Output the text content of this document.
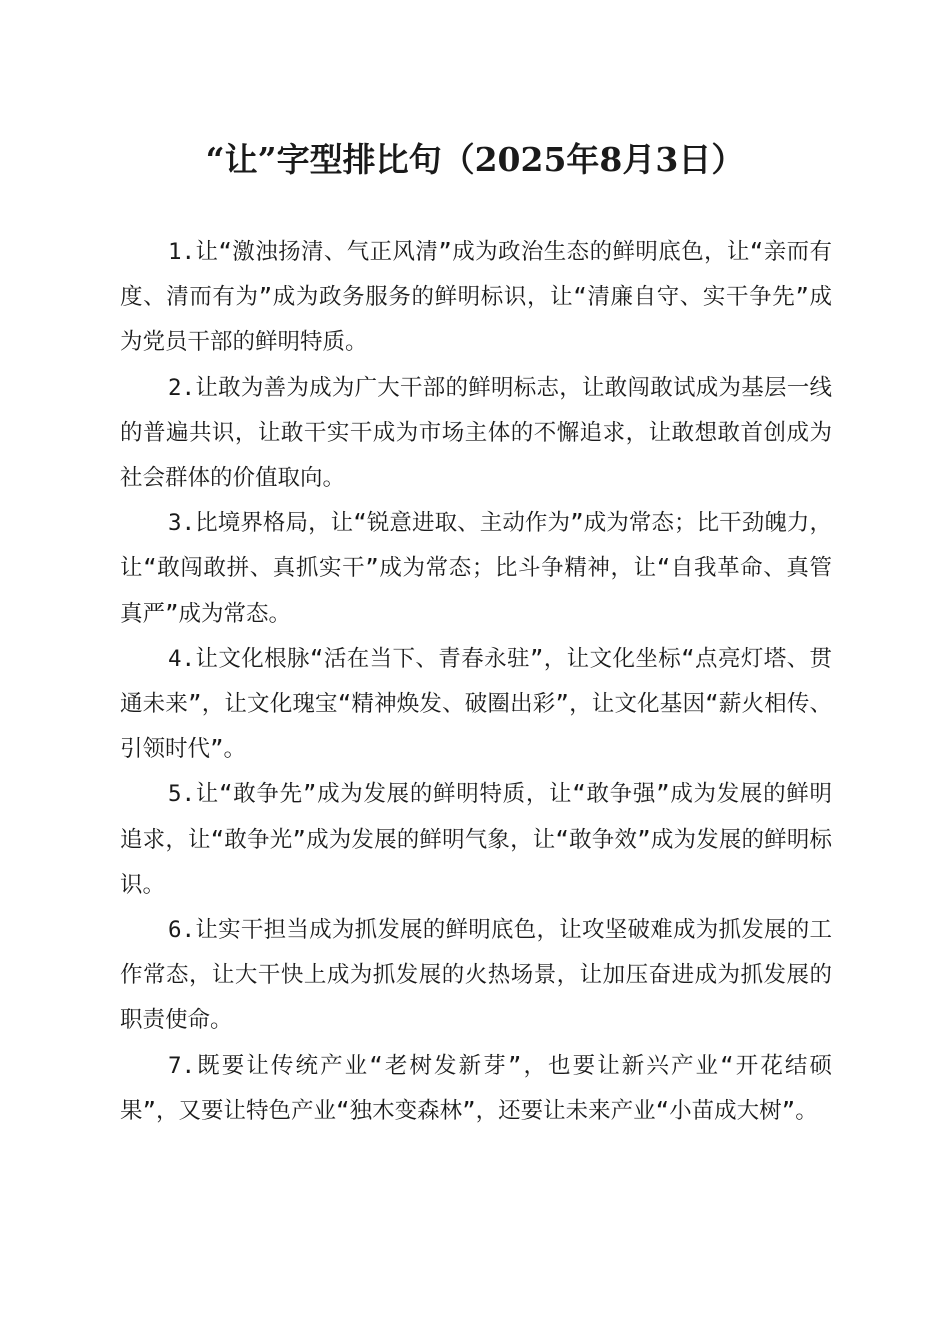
“让”字型排比句（2025年8月3日）

1.让“激浊扬清、气正风清”成为政治生态的鲜明底色，让“亲而有度、清而有为”成为政务服务的鲜明标识，让“清廉自守、实干争先”成为党员干部的鲜明特质。

2.让敢为善为成为广大干部的鲜明标志，让敢闯敢试成为基层一线的普遍共识，让敢干实干成为市场主体的不懈追求，让敢想敢首创成为社会群体的价值取向。

3.比境界格局，让“锐意进取、主动作为”成为常态；比干劲魄力，让“敢闯敢拼、真抓实干”成为常态；比斗争精神，让“自我革命、真管真严”成为常态。

4.让文化根脉“活在当下、青春永驻”，让文化坐标“点亮灯塔、贯通未来”，让文化瑰宝“精神焕发、破圈出彩”，让文化基因“薪火相传、引领时代”。

5.让“敢争先”成为发展的鲜明特质，让“敢争强”成为发展的鲜明追求，让“敢争光”成为发展的鲜明气象，让“敢争效”成为发展的鲜明标识。

6.让实干担当成为抓发展的鲜明底色，让攻坚破难成为抓发展的工作常态，让大干快上成为抓发展的火热场景，让加压奋进成为抓发展的职责使命。

7.既要让传统产业“老树发新芽”，也要让新兴产业“开花结硕果”，又要让特色产业“独木变森林”，还要让未来产业“小苗成大树”。
